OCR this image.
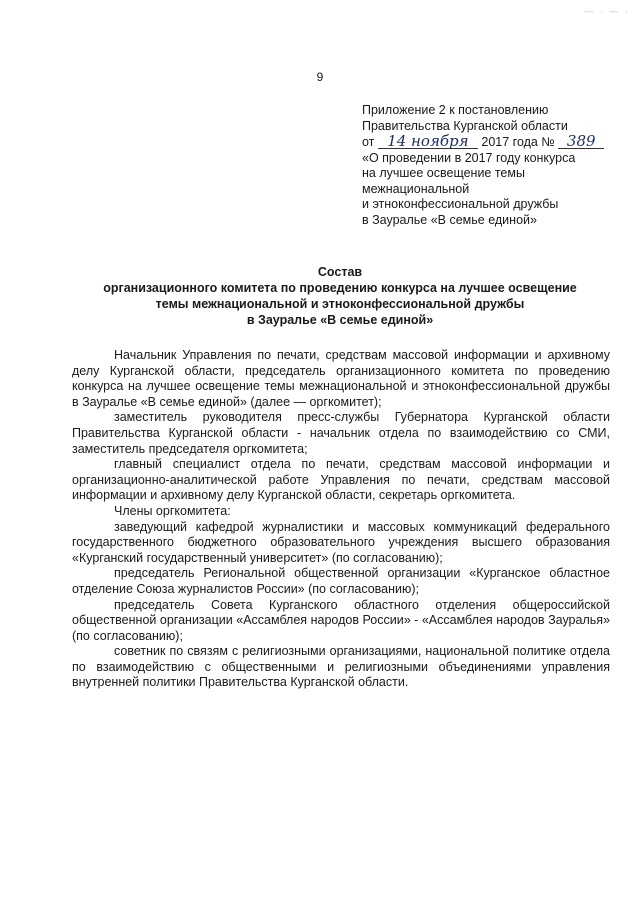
— · — ·
9
Приложение 2 к постановлению
Правительства Курганской области
от 14 ноября 2017 года № 389
«О проведении в 2017 году конкурса
на лучшее освещение темы
межнациональной
и этноконфессиональной дружбы
в Зауралье «В семье единой»
Состав
организационного комитета по проведению конкурса на лучшее освещение
темы межнациональной и этноконфессиональной дружбы
в Зауралье «В семье единой»

Начальник Управления по печати, средствам массовой информации и архивному делу Курганской области, председатель организационного комитета по проведению конкурса на лучшее освещение темы межнациональной и этноконфессиональной дружбы в Зауралье «В семье единой» (далее — оргкомитет);

заместитель руководителя пресс-службы Губернатора Курганской области Правительства Курганской области - начальник отдела по взаимодействию со СМИ, заместитель председателя оргкомитета;

главный специалист отдела по печати, средствам массовой информации и организационно-аналитической работе Управления по печати, средствам массовой информации и архивному делу Курганской области, секретарь оргкомитета.

Члены оргкомитета:

заведующий кафедрой журналистики и массовых коммуникаций федерального государственного бюджетного образовательного учреждения высшего образования «Курганский государственный университет» (по согласованию);

председатель Региональной общественной организации «Курганское областное отделение Союза журналистов России» (по согласованию);

председатель Совета Курганского областного отделения общероссийской общественной организации «Ассамблея народов России» - «Ассамблея народов Зауралья» (по согласованию);

советник по связям с религиозными организациями, национальной политике отдела по взаимодействию с общественными и религиозными объединениями управления внутренней политики Правительства Курганской области.
